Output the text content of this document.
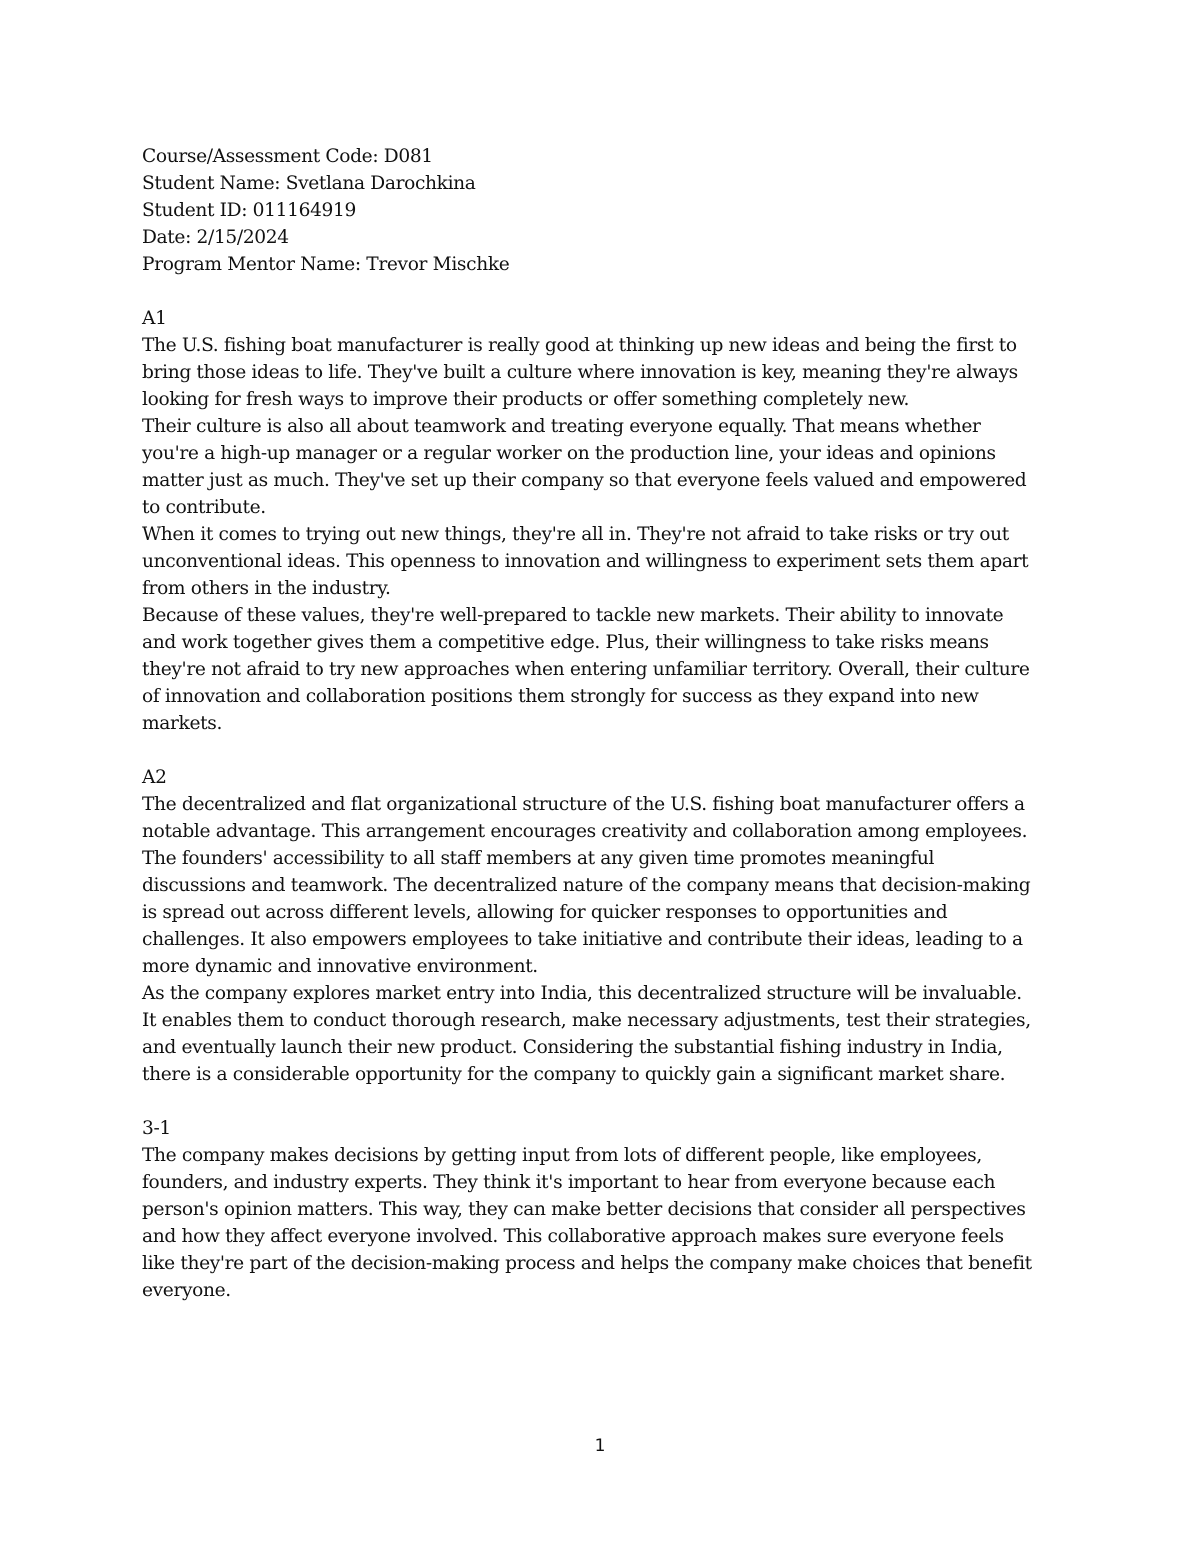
Course/Assessment Code: D081
Student Name: Svetlana Darochkina
Student ID: 011164919
Date: 2/15/2024
Program Mentor Name: Trevor Mischke
A1
The U.S. fishing boat manufacturer is really good at thinking up new ideas and being the first to
bring those ideas to life. They've built a culture where innovation is key, meaning they're always
looking for fresh ways to improve their products or offer something completely new.
Their culture is also all about teamwork and treating everyone equally. That means whether
you're a high-up manager or a regular worker on the production line, your ideas and opinions
matter just as much. They've set up their company so that everyone feels valued and empowered
to contribute.
When it comes to trying out new things, they're all in. They're not afraid to take risks or try out
unconventional ideas. This openness to innovation and willingness to experiment sets them apart
from others in the industry.
Because of these values, they're well-prepared to tackle new markets. Their ability to innovate
and work together gives them a competitive edge. Plus, their willingness to take risks means
they're not afraid to try new approaches when entering unfamiliar territory. Overall, their culture
of innovation and collaboration positions them strongly for success as they expand into new
markets.
A2
The decentralized and flat organizational structure of the U.S. fishing boat manufacturer offers a
notable advantage. This arrangement encourages creativity and collaboration among employees.
The founders' accessibility to all staff members at any given time promotes meaningful
discussions and teamwork. The decentralized nature of the company means that decision-making
is spread out across different levels, allowing for quicker responses to opportunities and
challenges. It also empowers employees to take initiative and contribute their ideas, leading to a
more dynamic and innovative environment.
As the company explores market entry into India, this decentralized structure will be invaluable.
It enables them to conduct thorough research, make necessary adjustments, test their strategies,
and eventually launch their new product. Considering the substantial fishing industry in India,
there is a considerable opportunity for the company to quickly gain a significant market share.
3-1
The company makes decisions by getting input from lots of different people, like employees,
founders, and industry experts. They think it's important to hear from everyone because each
person's opinion matters. This way, they can make better decisions that consider all perspectives
and how they affect everyone involved. This collaborative approach makes sure everyone feels
like they're part of the decision-making process and helps the company make choices that benefit
everyone.
1
